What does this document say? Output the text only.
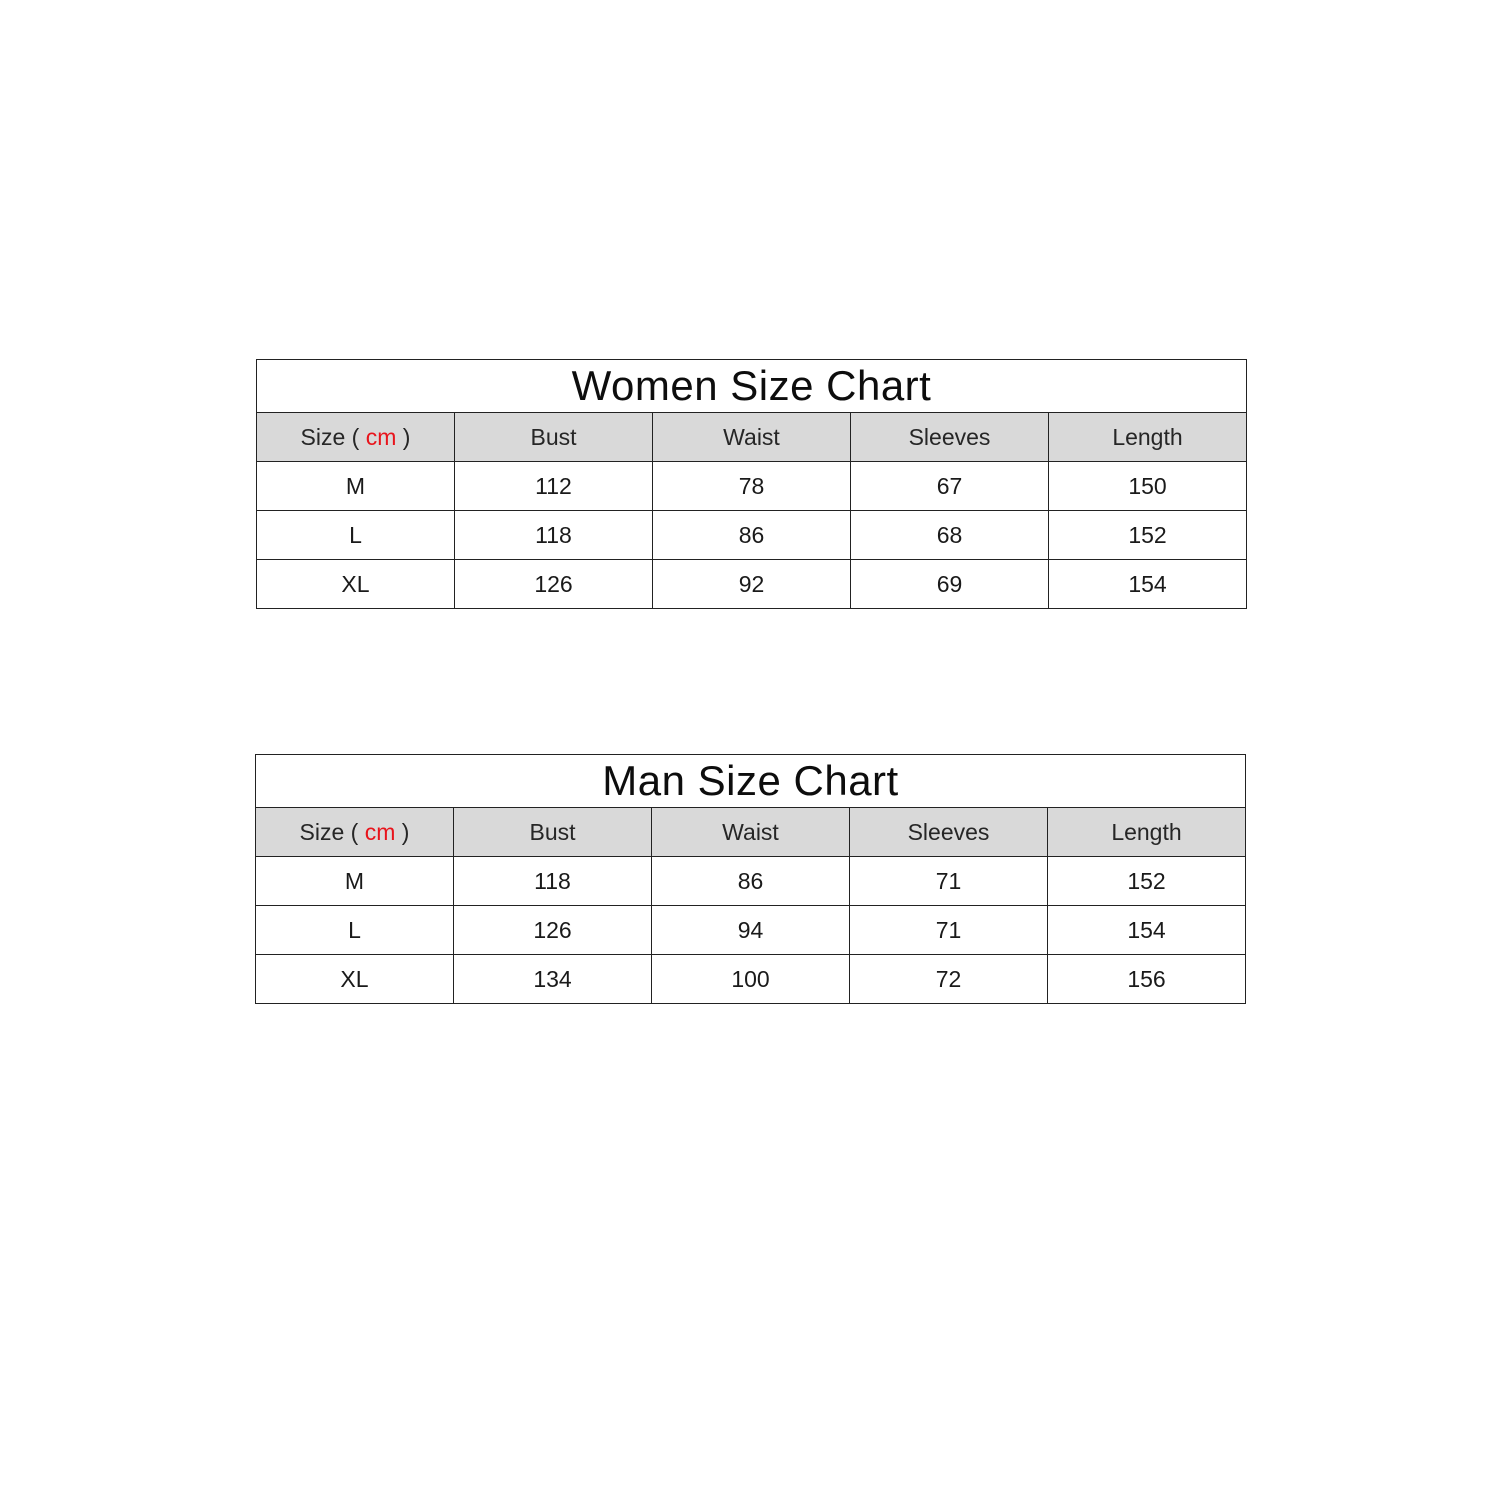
Women Size Chart				
Size ( cm )	Bust	Waist	Sleeves	Length
M	112	78	67	150
L	118	86	68	152
XL	126	92	69	154
Man Size Chart				
Size ( cm )	Bust	Waist	Sleeves	Length
M	118	86	71	152
L	126	94	71	154
XL	134	100	72	156
